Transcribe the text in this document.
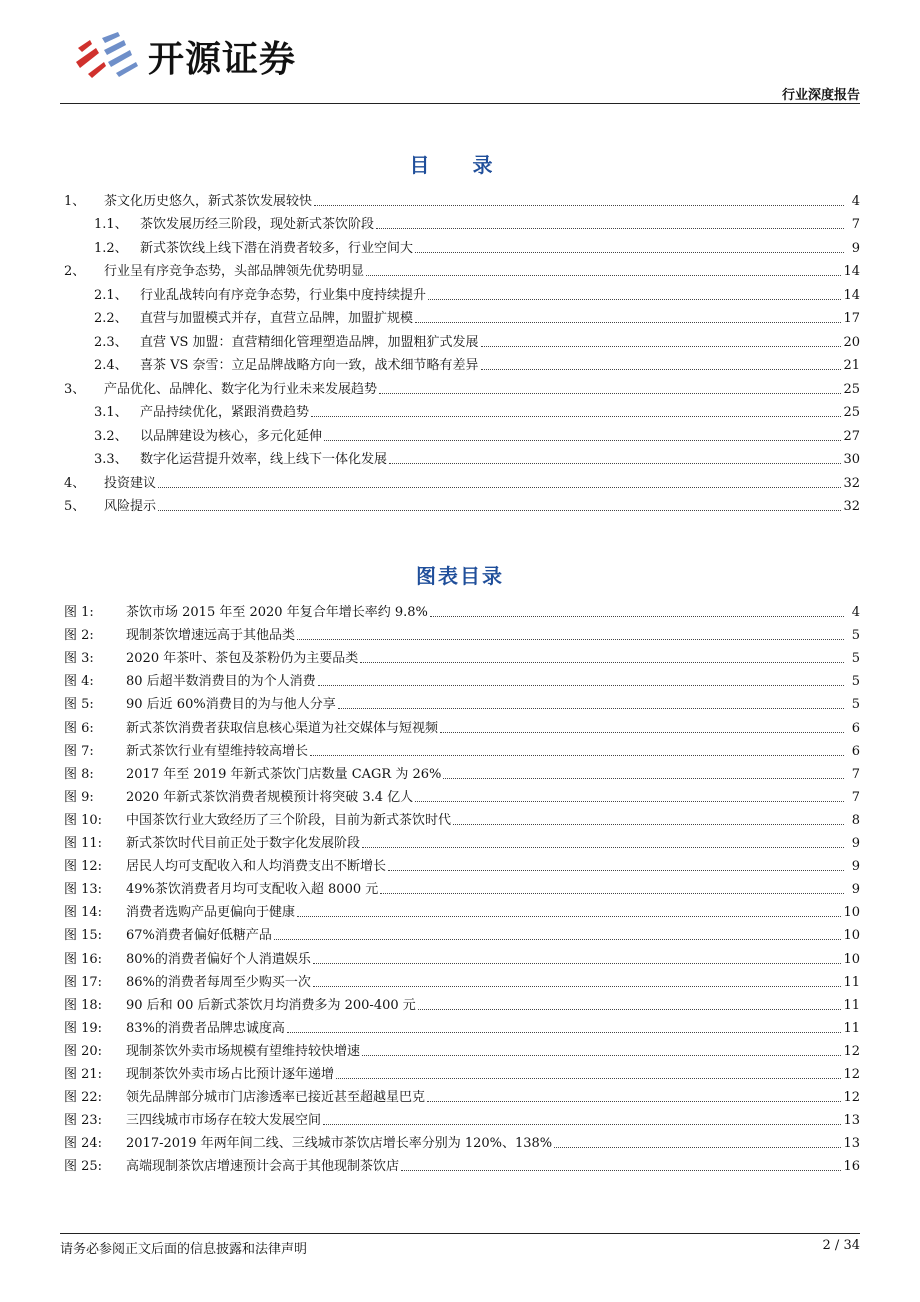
开源证券
行业深度报告
目 录
1、	茶文化历史悠久，新式茶饮发展较快	4
1.1、 茶饮发展历经三阶段，现处新式茶饮阶段	7
1.2、 新式茶饮线上线下潜在消费者较多，行业空间大	9
2、	行业呈有序竞争态势，头部品牌领先优势明显	14
2.1、 行业乱战转向有序竞争态势，行业集中度持续提升	14
2.2、 直营与加盟模式并存，直营立品牌，加盟扩规模	17
2.3、 直营 VS 加盟：直营精细化管理塑造品牌，加盟粗犷式发展	20
2.4、 喜茶 VS 奈雪：立足品牌战略方向一致，战术细节略有差异	21
3、	产品优化、品牌化、数字化为行业未来发展趋势	25
3.1、 产品持续优化，紧跟消费趋势	25
3.2、 以品牌建设为核心，多元化延伸	27
3.3、 数字化运营提升效率，线上线下一体化发展	30
4、	投资建议	32
5、	风险提示	32
图表目录
图 1:	茶饮市场 2015 年至 2020 年复合年增长率约 9.8%	4
图 2:	现制茶饮增速远高于其他品类	5
图 3:	2020 年茶叶、茶包及茶粉仍为主要品类	5
图 4:	80 后超半数消费目的为个人消费	5
图 5:	90 后近 60%消费目的为与他人分享	5
图 6:	新式茶饮消费者获取信息核心渠道为社交媒体与短视频	6
图 7:	新式茶饮行业有望维持较高增长	6
图 8:	2017 年至 2019 年新式茶饮门店数量 CAGR 为 26%	7
图 9:	2020 年新式茶饮消费者规模预计将突破 3.4 亿人	7
图 10:	中国茶饮行业大致经历了三个阶段，目前为新式茶饮时代	8
图 11:	新式茶饮时代目前正处于数字化发展阶段	9
图 12:	居民人均可支配收入和人均消费支出不断增长	9
图 13:	49%茶饮消费者月均可支配收入超 8000 元	9
图 14:	消费者选购产品更偏向于健康	10
图 15:	67%消费者偏好低糖产品	10
图 16:	80%的消费者偏好个人消遣娱乐	10
图 17:	86%的消费者每周至少购买一次	11
图 18:	90 后和 00 后新式茶饮月均消费多为 200-400 元	11
图 19:	83%的消费者品牌忠诚度高	11
图 20:	现制茶饮外卖市场规模有望维持较快增速	12
图 21:	现制茶饮外卖市场占比预计逐年递增	12
图 22:	领先品牌部分城市门店渗透率已接近甚至超越星巴克	12
图 23:	三四线城市市场存在较大发展空间	13
图 24:	2017-2019 年两年间二线、三线城市茶饮店增长率分别为 120%、138%	13
图 25:	高端现制茶饮店增速预计会高于其他现制茶饮店	16
请务必参阅正文后面的信息披露和法律声明	2 / 34
